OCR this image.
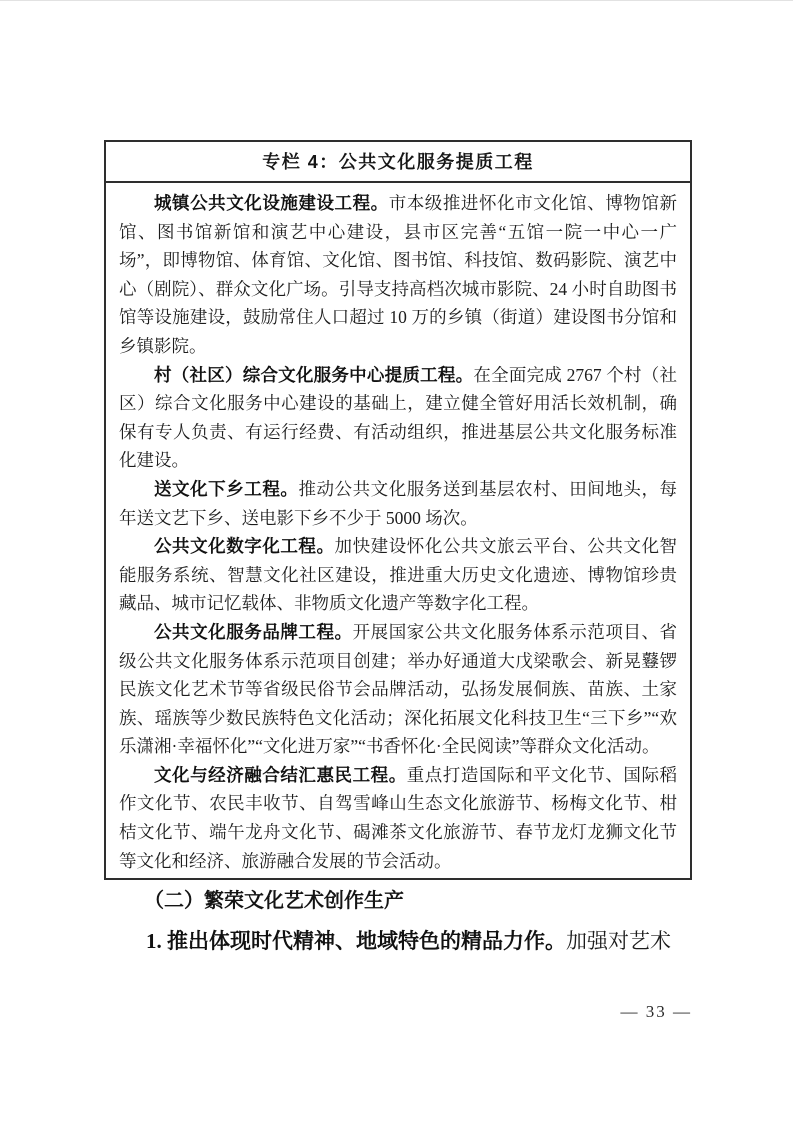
专栏 4：公共文化服务提质工程

城镇公共文化设施建设工程。市本级推进怀化市文化馆、博物馆新馆、图书馆新馆和演艺中心建设，县市区完善“五馆一院一中心一广场”，即博物馆、体育馆、文化馆、图书馆、科技馆、数码影院、演艺中心（剧院）、群众文化广场。引导支持高档次城市影院、24 小时自助图书馆等设施建设，鼓励常住人口超过 10 万的乡镇（街道）建设图书分馆和乡镇影院。

村（社区）综合文化服务中心提质工程。在全面完成 2767 个村（社区）综合文化服务中心建设的基础上，建立健全管好用活长效机制，确保有专人负责、有运行经费、有活动组织，推进基层公共文化服务标准化建设。

送文化下乡工程。推动公共文化服务送到基层农村、田间地头，每年送文艺下乡、送电影下乡不少于 5000 场次。

公共文化数字化工程。加快建设怀化公共文旅云平台、公共文化智能服务系统、智慧文化社区建设，推进重大历史文化遗迹、博物馆珍贵藏品、城市记忆载体、非物质文化遗产等数字化工程。

公共文化服务品牌工程。开展国家公共文化服务体系示范项目、省级公共文化服务体系示范项目创建；举办好通道大戊梁歌会、新晃鼟锣民族文化艺术节等省级民俗节会品牌活动，弘扬发展侗族、苗族、土家族、瑶族等少数民族特色文化活动；深化拓展文化科技卫生“三下乡”“欢乐潇湘·幸福怀化”“文化进万家”“书香怀化·全民阅读”等群众文化活动。

文化与经济融合结汇惠民工程。重点打造国际和平文化节、国际稻作文化节、农民丰收节、自驾雪峰山生态文化旅游节、杨梅文化节、柑桔文化节、端午龙舟文化节、碣滩茶文化旅游节、春节龙灯龙狮文化节等文化和经济、旅游融合发展的节会活动。

（二）繁荣文化艺术创作生产

1. 推出体现时代精神、地域特色的精品力作。加强对艺术

— 33 —
